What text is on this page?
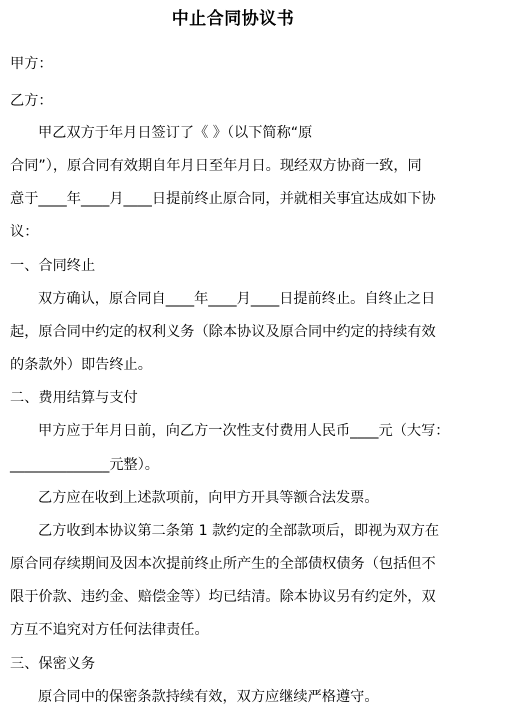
中止合同协议书
甲方：
乙方：
甲乙双方于年月日签订了《 》（以下简称“原
合同”），原合同有效期自年月日至年月日。现经双方协商一致，同
意于____年____月____日提前终止原合同，并就相关事宜达成如下协
议：
一、合同终止
双方确认，原合同自____年____月____日提前终止。自终止之日
起，原合同中约定的权利义务（除本协议及原合同中约定的持续有效
的条款外）即告终止。
二、费用结算与支付
甲方应于年月日前，向乙方一次性支付费用人民币____元（大写：
______________元整）。
乙方应在收到上述款项前，向甲方开具等额合法发票。
乙方收到本协议第二条第 1 款约定的全部款项后，即视为双方在
原合同存续期间及因本次提前终止所产生的全部债权债务（包括但不
限于价款、违约金、赔偿金等）均已结清。除本协议另有约定外，双
方互不追究对方任何法律责任。
三、保密义务
原合同中的保密条款持续有效，双方应继续严格遵守。
